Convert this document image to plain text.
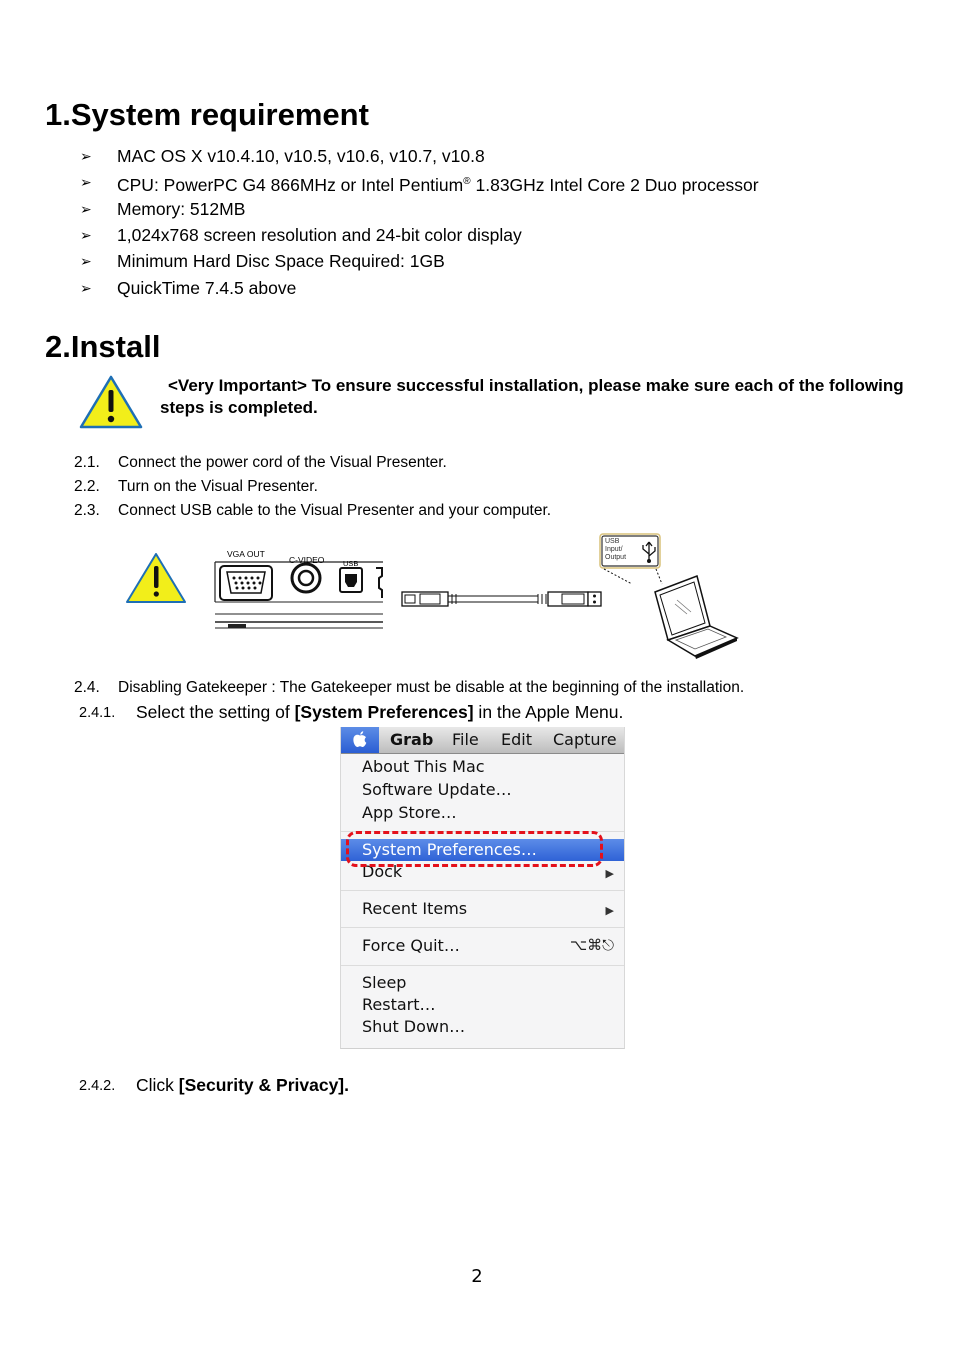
1.System requirement
➢ MAC OS X v10.4.10, v10.5, v10.6, v10.7, v10.8
➢ CPU: PowerPC G4 866MHz or Intel Pentium® 1.83GHz Intel Core 2 Duo processor
➢ Memory: 512MB
➢ 1,024x768 screen resolution and 24-bit color display
➢ Minimum Hard Disc Space Required: 1GB
➢ QuickTime 7.4.5 above
2.Install
<Very Important> To ensure successful installation, please make sure each of the following steps is completed.
2.1. Connect the power cord of the Visual Presenter.
2.2. Turn on the Visual Presenter.
2.3. Connect USB cable to the Visual Presenter and your computer.
VGA OUT
C-VIDEO USB
USB
Input/
Output
2.4. Disabling Gatekeeper : The Gatekeeper must be disable at the beginning of the installation.
2.4.1. Select the setting of [System Preferences] in the Apple Menu.
Grab File Edit Capture
About This Mac
Software Update…
App Store…
System Preferences…
Dock	▶
Recent Items	▶
Force Quit…	⌥⌘⎋
Sleep
Restart…
Shut Down…
2.4.2. Click [Security & Privacy].
2
